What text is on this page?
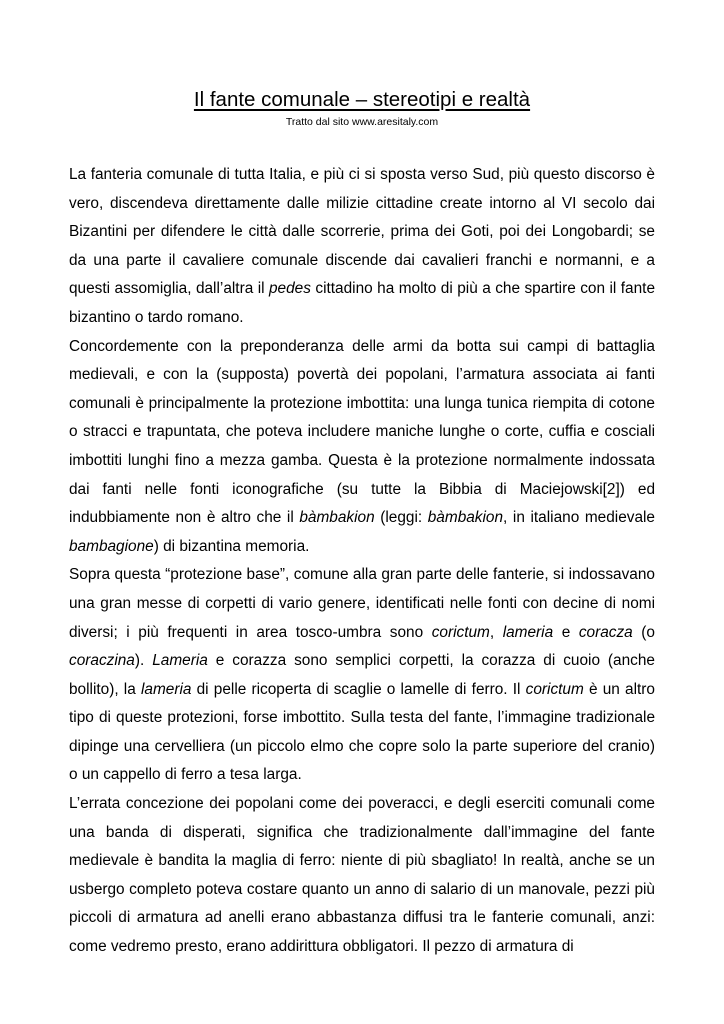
Il fante comunale – stereotipi e realtà
Tratto dal sito www.aresitaly.com

La fanteria comunale di tutta Italia, e più ci si sposta verso Sud, più questo discorso è vero, discendeva direttamente dalle milizie cittadine create intorno al VI secolo dai Bizantini per difendere le città dalle scorrerie, prima dei Goti, poi dei Longobardi; se da una parte il cavaliere comunale discende dai cavalieri franchi e normanni, e a questi assomiglia, dall’altra il pedes cittadino ha molto di più a che spartire con il fante bizantino o tardo romano.

Concordemente con la preponderanza delle armi da botta sui campi di battaglia medievali, e con la (supposta) povertà dei popolani, l’armatura associata ai fanti comunali è principalmente la protezione imbottita: una lunga tunica riempita di cotone o stracci e trapuntata, che poteva includere maniche lunghe o corte, cuffia e cosciali imbottiti lunghi fino a mezza gamba. Questa è la protezione normalmente indossata dai fanti nelle fonti iconografiche (su tutte la Bibbia di Maciejowski[2]) ed indubbiamente non è altro che il bàmbakion (leggi: bàmbakion, in italiano medievale bambagione) di bizantina memoria.

Sopra questa “protezione base”, comune alla gran parte delle fanterie, si indossavano una gran messe di corpetti di vario genere, identificati nelle fonti con decine di nomi diversi; i più frequenti in area tosco-umbra sono corictum, lameria e coracza (o coraczina). Lameria e corazza sono semplici corpetti, la corazza di cuoio (anche bollito), la lameria di pelle ricoperta di scaglie o lamelle di ferro. Il corictum è un altro tipo di queste protezioni, forse imbottito. Sulla testa del fante, l’immagine tradizionale dipinge una cervelliera (un piccolo elmo che copre solo la parte superiore del cranio) o un cappello di ferro a tesa larga.

L’errata concezione dei popolani come dei poveracci, e degli eserciti comunali come una banda di disperati, significa che tradizionalmente dall’immagine del fante medievale è bandita la maglia di ferro: niente di più sbagliato! In realtà, anche se un usbergo completo poteva costare quanto un anno di salario di un manovale, pezzi più piccoli di armatura ad anelli erano abbastanza diffusi tra le fanterie comunali, anzi: come vedremo presto, erano addirittura obbligatori. Il pezzo di armatura di
